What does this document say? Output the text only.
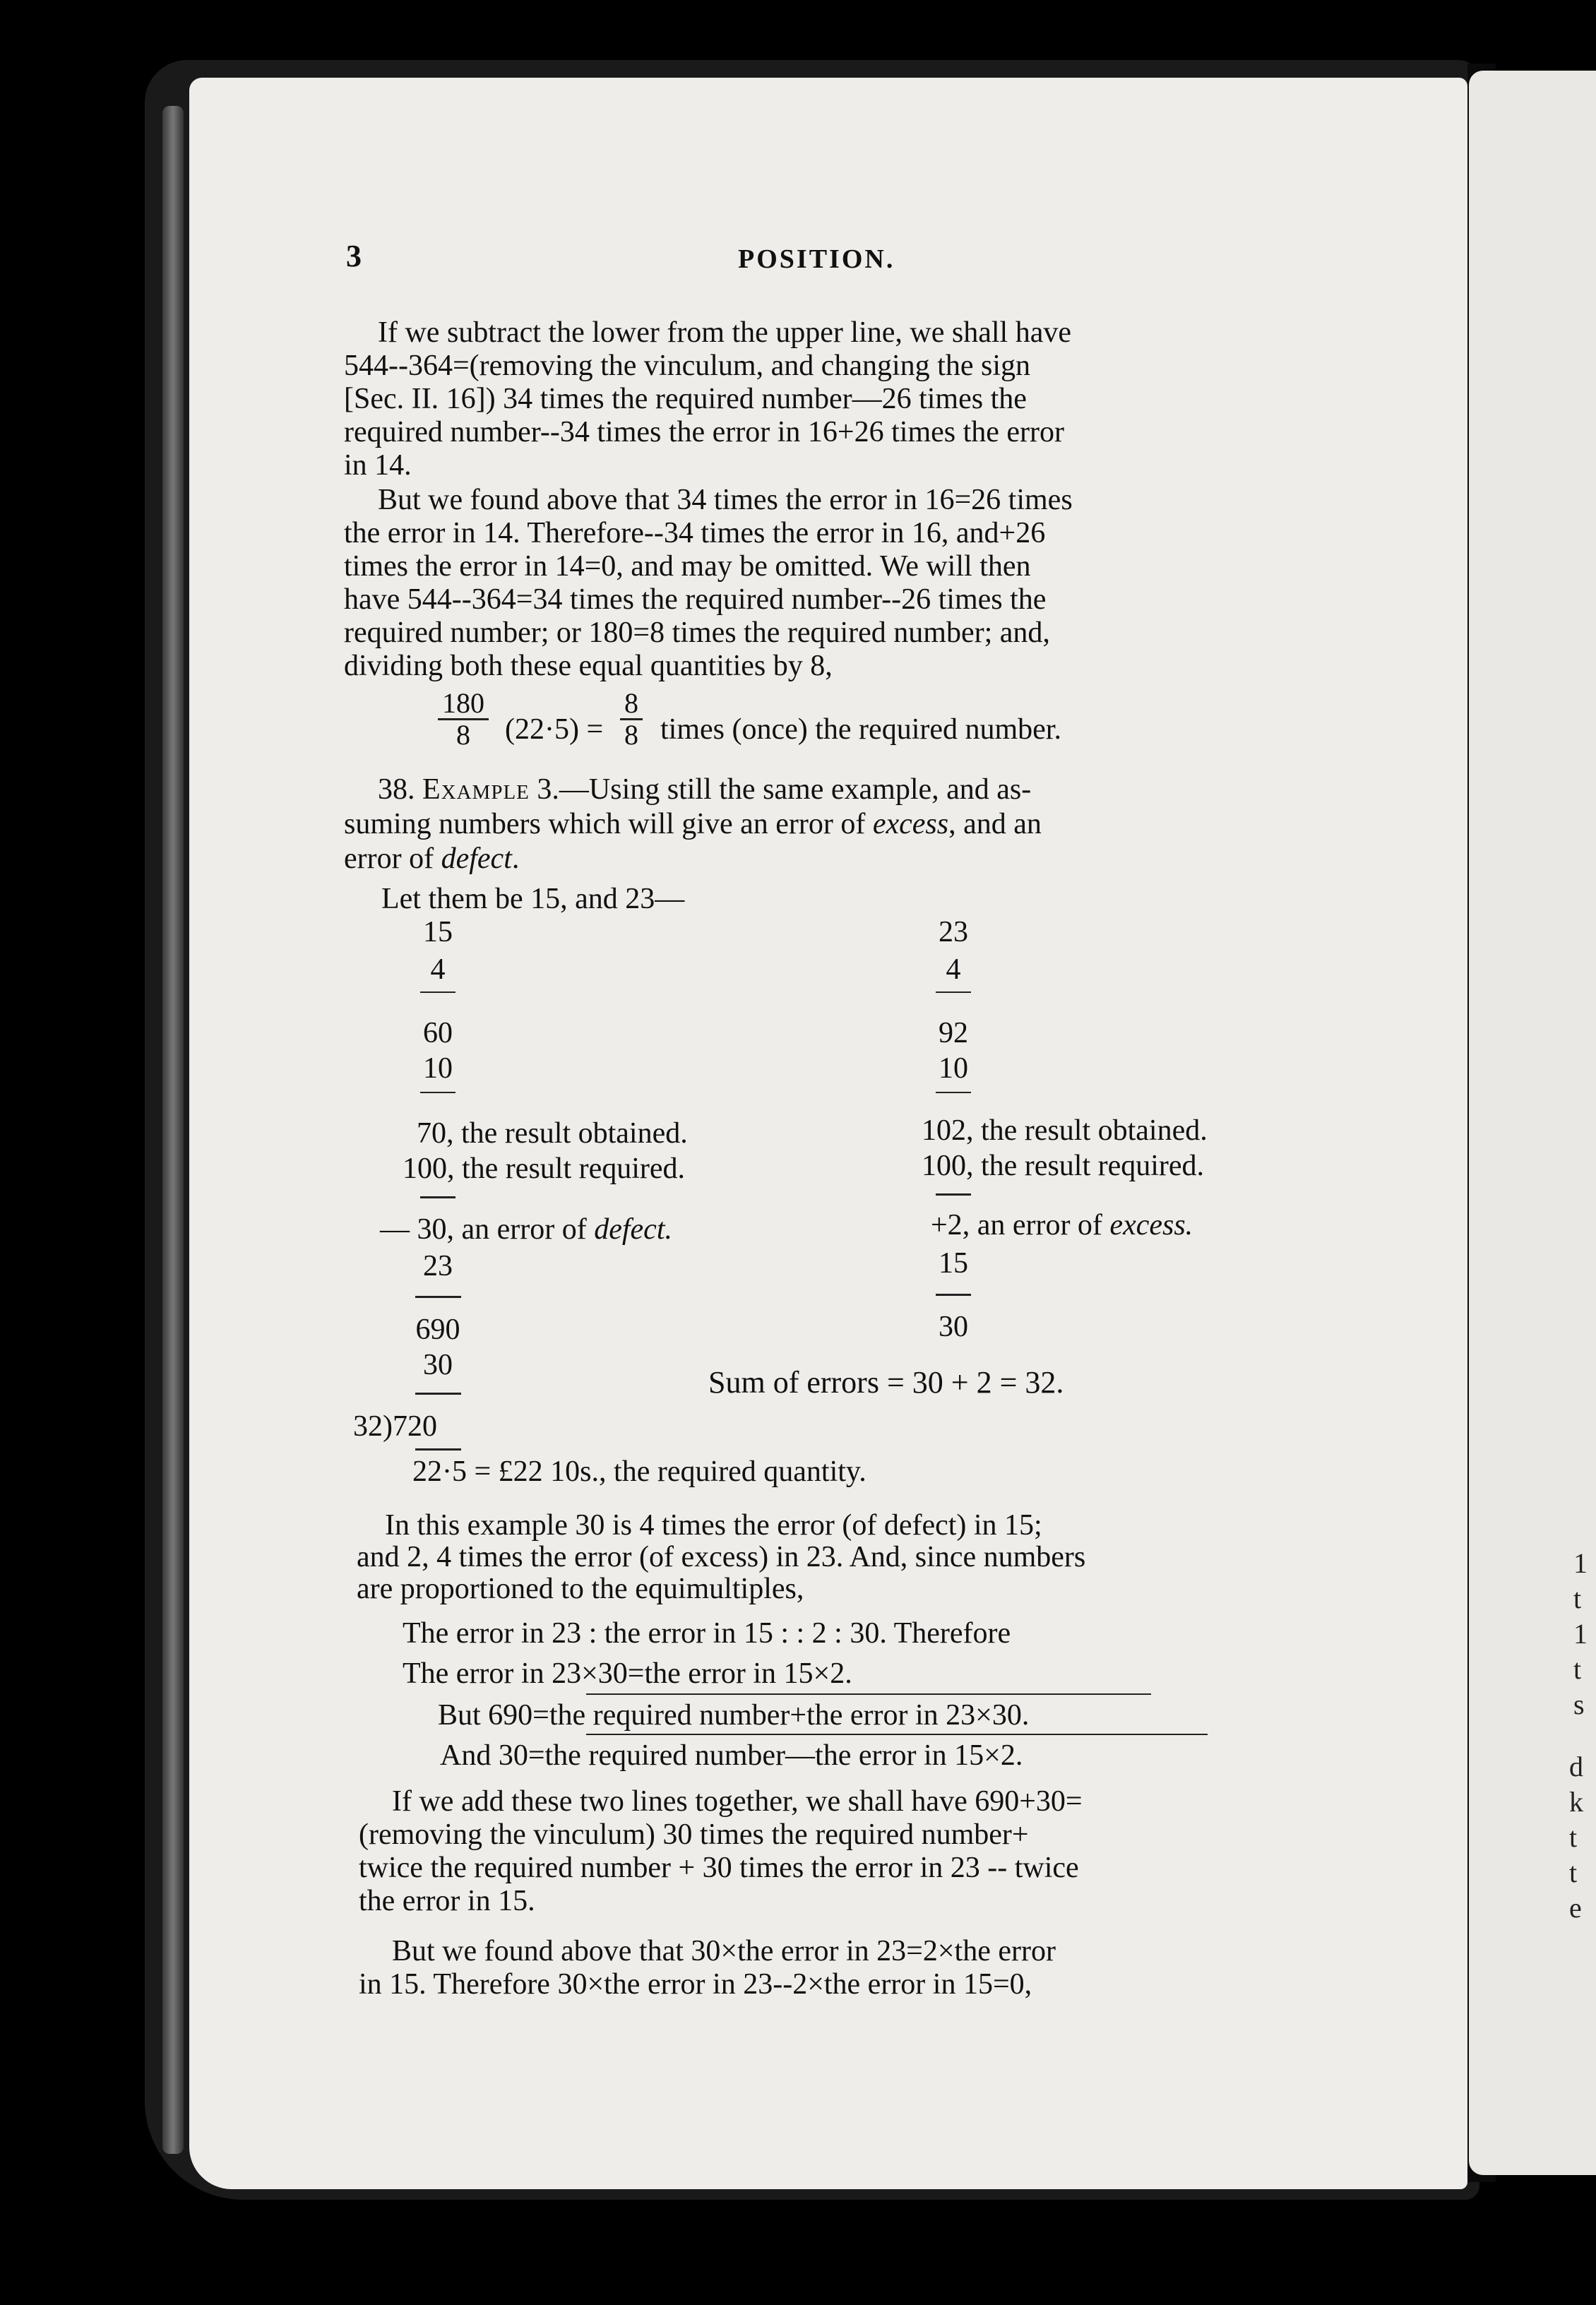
1
t
1
t
s
d
k
t
t
e
3	POSITION.
If we subtract the lower from the upper line, we shall have
544--364=(removing the vinculum, and changing the sign
[Sec. II. 16]) 34 times the required number—26 times the
required number--34 times the error in 16+26 times the error
in 14.
But we found above that 34 times the error in 16=26 times
the error in 14. Therefore--34 times the error in 16, and+26
times the error in 14=0, and may be omitted. We will then
have 544--364=34 times the required number--26 times the
required number; or 180=8 times the required number; and,
dividing both these equal quantities by 8,
$\frac{180}{8} (22\cdot 5) = \frac{8}{8}$ times (once) the required number.
38. Example 3.—Using still the same example, and as-
suming numbers which will give an error of excess, and an
error of defect.
Let them be 15, and 23—
15
4
60
10
70, the result obtained.
100, the result required.
— 30, an error of defect.
23
690
30
32)720
22·5 = £22 10s., the required quantity.
23
4
92
10
102, the result obtained.
100, the result required.
+2, an error of excess.
15
30
Sum of errors = 30 + 2 = 32.
In this example 30 is 4 times the error (of defect) in 15;
and 2, 4 times the error (of excess) in 23. And, since numbers
are proportioned to the equimultiples,
The error in 23 : the error in 15 : : 2 : 30. Therefore
The error in 23×30=the error in 15×2.
But 690=the required number+the error in 23×30.
And 30=the required number—the error in 15×2.
If we add these two lines together, we shall have 690+30=
(removing the vinculum) 30 times the required number+
twice the required number + 30 times the error in 23 -- twice
the error in 15.
But we found above that 30×the error in 23=2×the error
in 15. Therefore 30×the error in 23--2×the error in 15=0,
